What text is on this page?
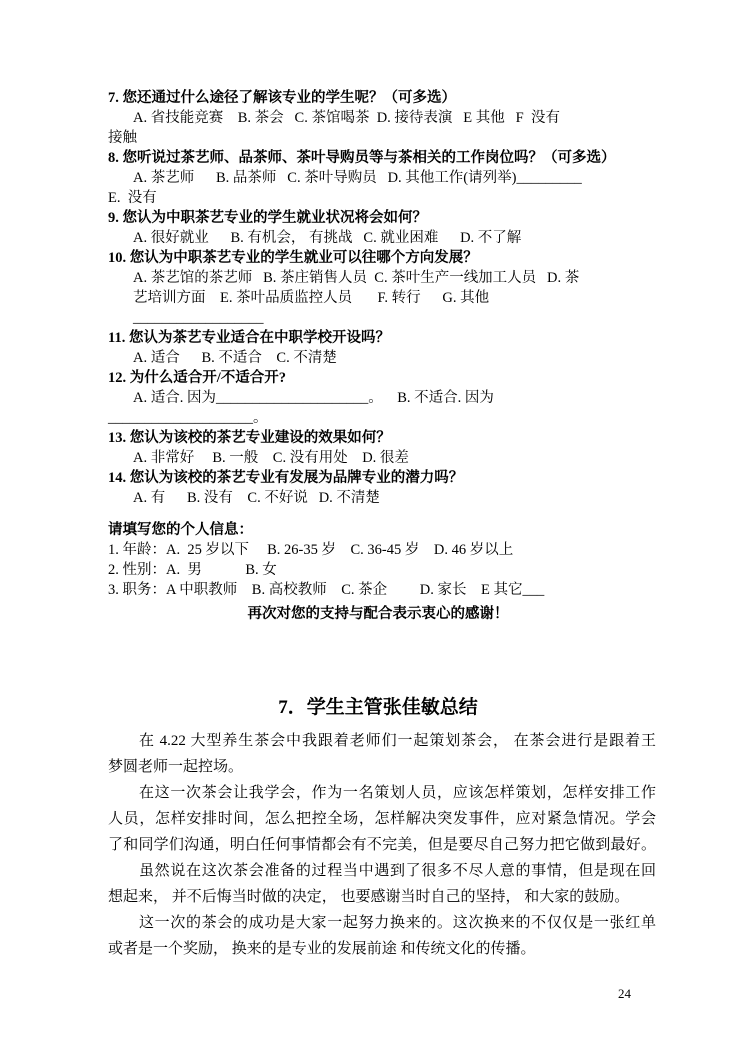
7. 您还通过什么途径了解该专业的学生呢？（可多选）
A. 省技能竞赛    B. 茶会   C. 茶馆喝茶  D. 接待表演   E 其他   F  没有
接触
8. 您听说过茶艺师、品茶师、茶叶导购员等与茶相关的工作岗位吗？（可多选）
A. 茶艺师      B. 品茶师   C. 茶叶导购员   D. 其他工作(请列举)_________
E.  没有
9. 您认为中职茶艺专业的学生就业状况将会如何？
A. 很好就业      B. 有机会， 有挑战   C. 就业困难      D. 不了解
10. 您认为中职茶艺专业的学生就业可以往哪个方向发展？
A. 茶艺馆的茶艺师   B. 茶庄销售人员  C. 茶叶生产一线加工人员   D. 茶
艺培训方面    E. 茶叶品质监控人员       F. 转行      G. 其他
__________________
11. 您认为茶艺专业适合在中职学校开设吗？
A. 适合      B. 不适合    C. 不清楚
12. 为什么适合开/不适合开?
A. 适合. 因为_____________________。    B. 不适合. 因为
____________________。
13. 您认为该校的茶艺专业建设的效果如何？
A. 非常好     B. 一般    C. 没有用处    D. 很差
14. 您认为该校的茶艺专业有发展为品牌专业的潜力吗？
A. 有      B. 没有    C. 不好说   D. 不清楚
请填写您的个人信息：
1. 年龄：A.  25 岁以下     B. 26-35 岁    C. 36-45 岁    D. 46 岁以上
2. 性别：A.  男            B. 女
3. 职务：A 中职教师    B. 高校教师    C. 茶企         D. 家长    E 其它___
再次对您的支持与配合表示衷心的感谢！
7．学生主管张佳敏总结
在 4.22 大型养生茶会中我跟着老师们一起策划茶会， 在茶会进行是跟着王
梦圆老师一起控场。
在这一次茶会让我学会，作为一名策划人员，应该怎样策划，怎样安排工作
人员，怎样安排时间，怎么把控全场，怎样解决突发事件，应对紧急情况。学会
了和同学们沟通，明白任何事情都会有不完美，但是要尽自己努力把它做到最好。
虽然说在这次茶会准备的过程当中遇到了很多不尽人意的事情，但是现在回
想起来， 并不后悔当时做的决定， 也要感谢当时自己的坚持， 和大家的鼓励。
这一次的茶会的成功是大家一起努力换来的。这次换来的不仅仅是一张红单
或者是一个奖励， 换来的是专业的发展前途 和传统文化的传播。
24
